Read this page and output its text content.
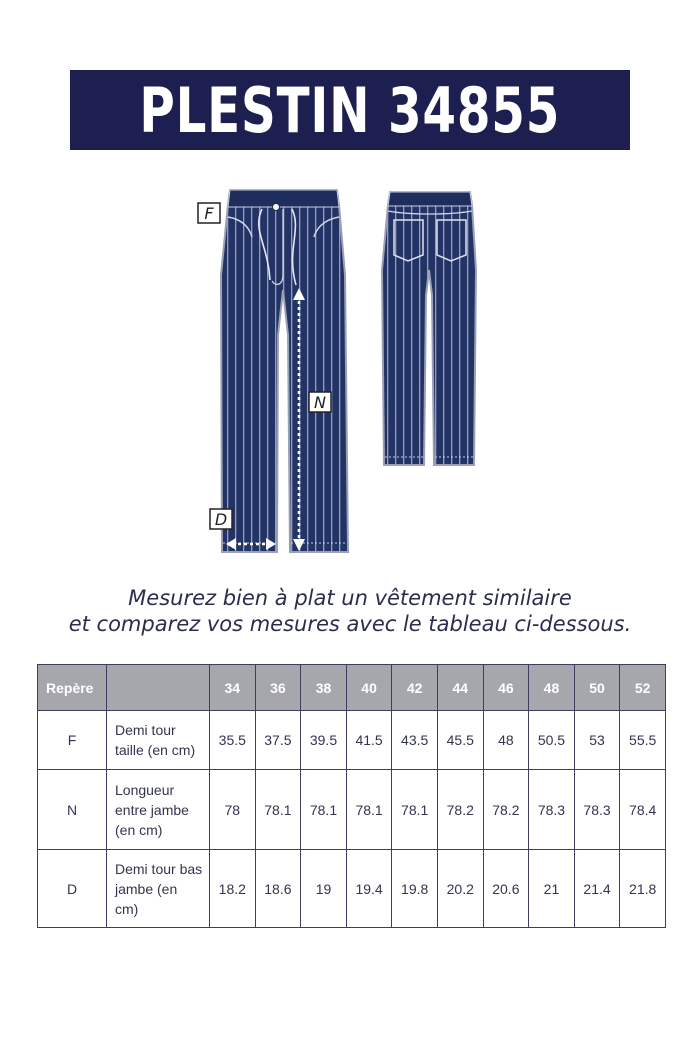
PLESTIN 34855
F
N
D
Mesurez bien à plat un vêtement similaire
et comparez vos mesures avec le tableau ci-dessous.
Repère		34	36	38	40	42	44	46	48	50	52
F	Demi tour taille (en cm)	35.5	37.5	39.5	41.5	43.5	45.5	48	50.5	53	55.5
N	Longueur entre jambe (en cm)	78	78.1	78.1	78.1	78.1	78.2	78.2	78.3	78.3	78.4
D	Demi tour bas jambe (en cm)	18.2	18.6	19	19.4	19.8	20.2	20.6	21	21.4	21.8
